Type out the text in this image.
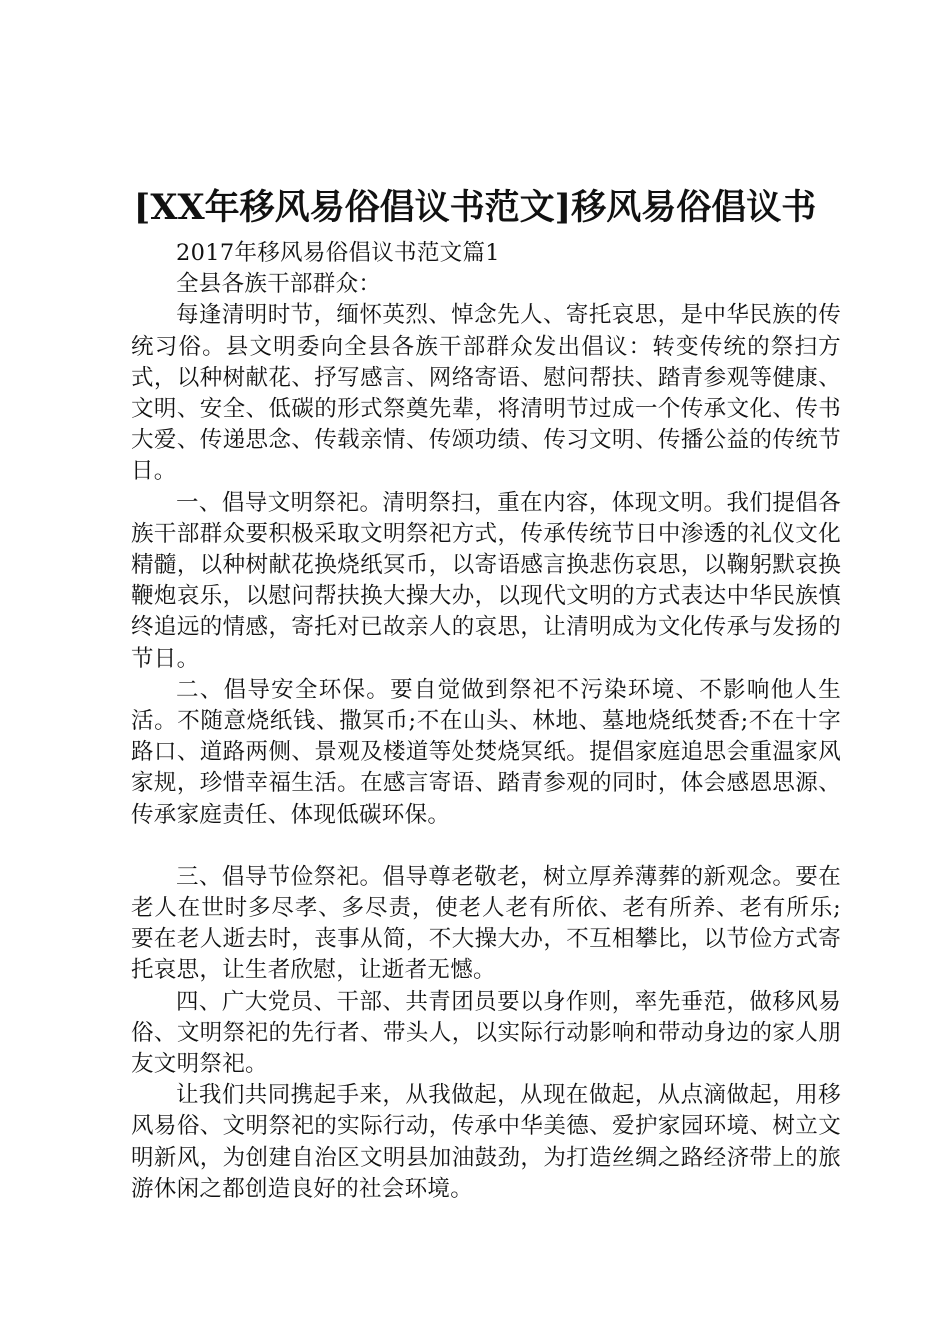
[XX年移风易俗倡议书范文]移风易俗倡议书

2017年移风易俗倡议书范文篇1

全县各族干部群众：

每逢清明时节，缅怀英烈、悼念先人、寄托哀思，是中华民族的传统习俗。县文明委向全县各族干部群众发出倡议：转变传统的祭扫方式，以种树献花、抒写感言、网络寄语、慰问帮扶、踏青参观等健康、文明、安全、低碳的形式祭奠先辈，将清明节过成一个传承文化、传书大爱、传递思念、传载亲情、传颂功绩、传习文明、传播公益的传统节日。

一、倡导文明祭祀。清明祭扫，重在内容，体现文明。我们提倡各族干部群众要积极采取文明祭祀方式，传承传统节日中渗透的礼仪文化精髓，以种树献花换烧纸冥币，以寄语感言换悲伤哀思，以鞠躬默哀换鞭炮哀乐，以慰问帮扶换大操大办，以现代文明的方式表达中华民族慎终追远的情感，寄托对已故亲人的哀思，让清明成为文化传承与发扬的节日。

二、倡导安全环保。要自觉做到祭祀不污染环境、不影响他人生活。不随意烧纸钱、撒冥币;不在山头、林地、墓地烧纸焚香;不在十字路口、道路两侧、景观及楼道等处焚烧冥纸。提倡家庭追思会重温家风家规，珍惜幸福生活。在感言寄语、踏青参观的同时，体会感恩思源、传承家庭责任、体现低碳环保。

三、倡导节俭祭祀。倡导尊老敬老，树立厚养薄葬的新观念。要在老人在世时多尽孝、多尽责，使老人老有所依、老有所养、老有所乐;要在老人逝去时，丧事从简，不大操大办，不互相攀比，以节俭方式寄托哀思，让生者欣慰，让逝者无憾。

四、广大党员、干部、共青团员要以身作则，率先垂范，做移风易俗、文明祭祀的先行者、带头人，以实际行动影响和带动身边的家人朋友文明祭祀。

让我们共同携起手来，从我做起，从现在做起，从点滴做起，用移风易俗、文明祭祀的实际行动，传承中华美德、爱护家园环境、树立文明新风，为创建自治区文明县加油鼓劲，为打造丝绸之路经济带上的旅游休闲之都创造良好的社会环境。
